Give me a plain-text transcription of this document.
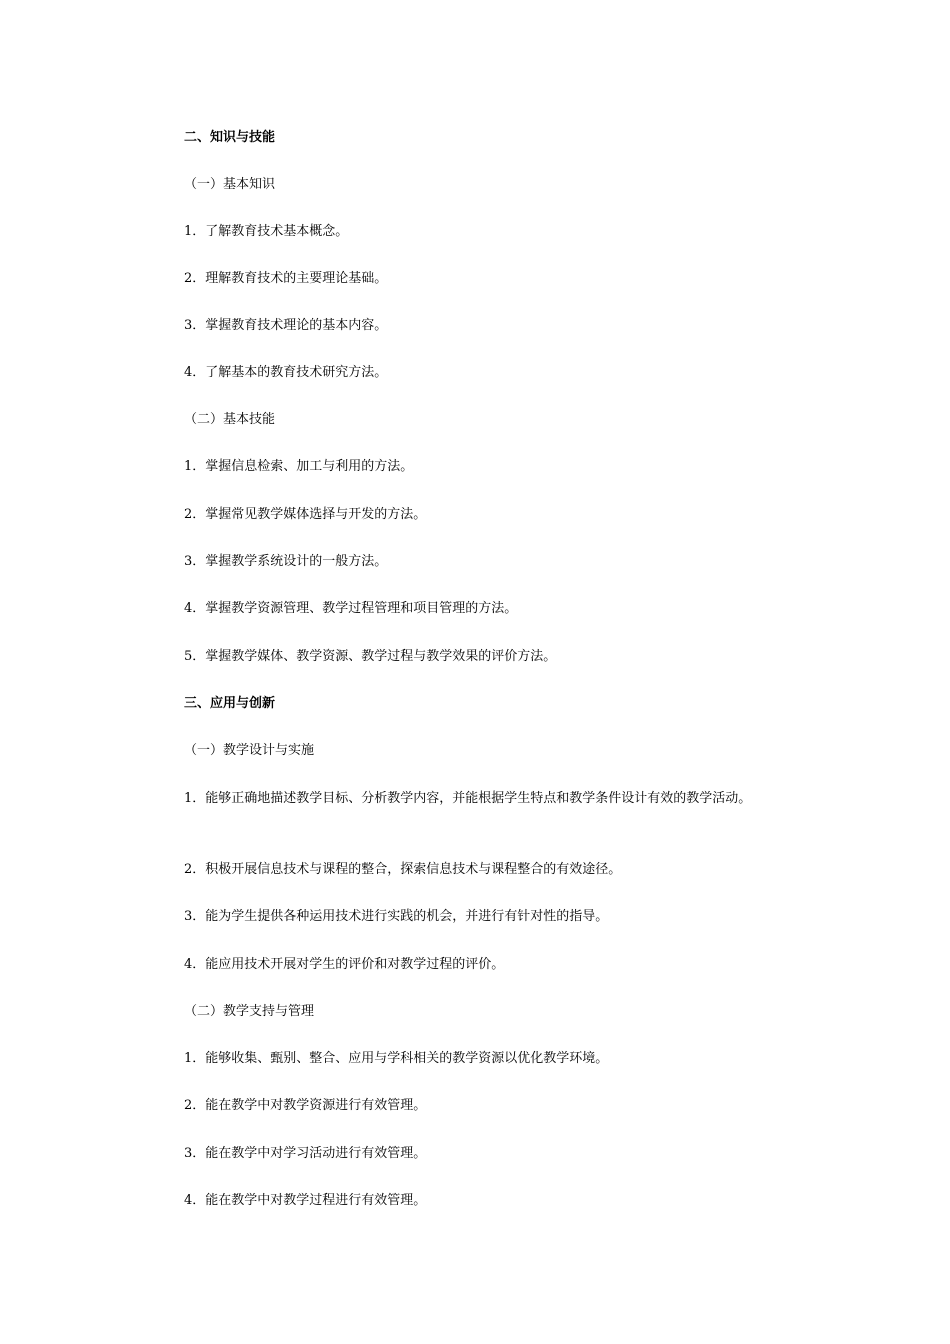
二、知识与技能
（一）基本知识
1．了解教育技术基本概念。
2．理解教育技术的主要理论基础。
3．掌握教育技术理论的基本内容。
4．了解基本的教育技术研究方法。
（二）基本技能
1．掌握信息检索、加工与利用的方法。
2．掌握常见教学媒体选择与开发的方法。
3．掌握教学系统设计的一般方法。
4．掌握教学资源管理、教学过程管理和项目管理的方法。
5．掌握教学媒体、教学资源、教学过程与教学效果的评价方法。
三、应用与创新
（一）教学设计与实施
1．能够正确地描述教学目标、分析教学内容，并能根据学生特点和教学条件设计有效的教学活动。
2．积极开展信息技术与课程的整合，探索信息技术与课程整合的有效途径。
3．能为学生提供各种运用技术进行实践的机会，并进行有针对性的指导。
4．能应用技术开展对学生的评价和对教学过程的评价。
（二）教学支持与管理
1．能够收集、甄别、整合、应用与学科相关的教学资源以优化教学环境。
2．能在教学中对教学资源进行有效管理。
3．能在教学中对学习活动进行有效管理。
4．能在教学中对教学过程进行有效管理。
